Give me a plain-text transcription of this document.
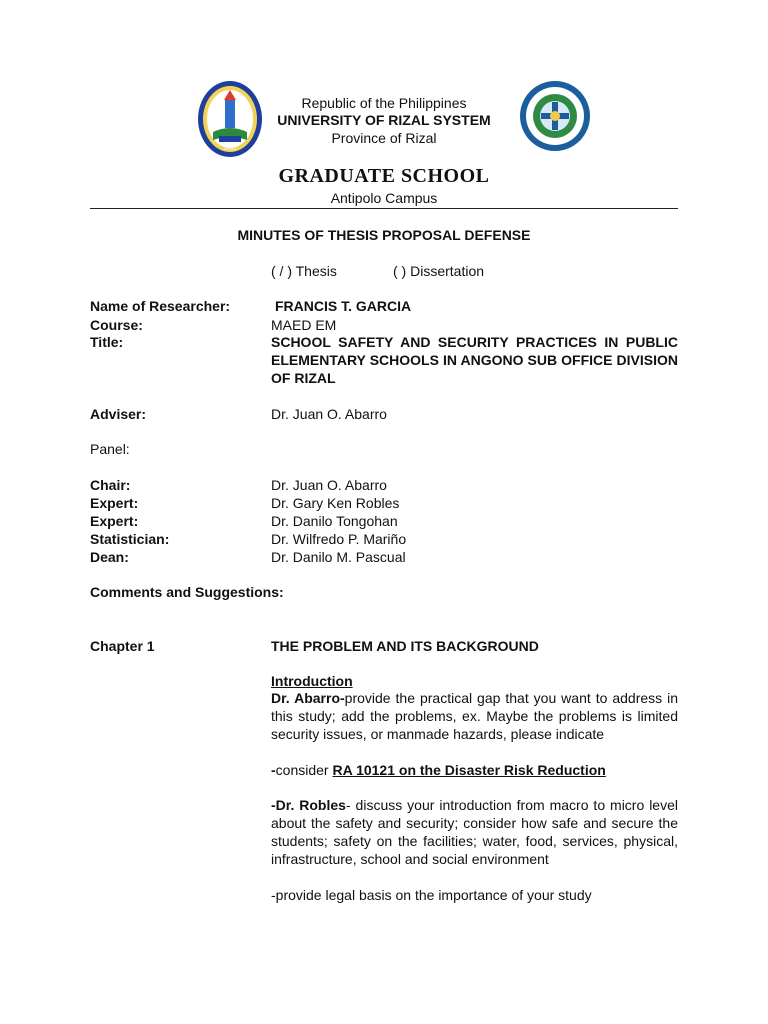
2001
Republic of the Philippines
UNIVERSITY OF RIZAL SYSTEM
Province of Rizal
GRADUATE SCHOOL
Antipolo Campus
MINUTES OF THESIS PROPOSAL DEFENSE
( / ) Thesis	( ) Dissertation
Name of Researcher:	FRANCIS T. GARCIA
Course:	MAED EM
Title:	SCHOOL SAFETY AND SECURITY PRACTICES IN PUBLIC ELEMENTARY SCHOOLS IN ANGONO SUB OFFICE DIVISION OF RIZAL
Adviser:	Dr. Juan O. Abarro
Panel:
Chair:	Dr. Juan O. Abarro
Expert:	Dr. Gary Ken Robles
Expert:	Dr. Danilo Tongohan
Statistician:	Dr. Wilfredo P. Mariño
Dean:	Dr. Danilo M. Pascual
Comments and Suggestions:
Chapter 1	THE PROBLEM AND ITS BACKGROUND
Introduction
Dr. Abarro-provide the practical gap that you want to address in this study; add the problems, ex. Maybe the problems is limited security issues, or manmade hazards, please indicate
-consider RA 10121 on the Disaster Risk Reduction
-Dr. Robles- discuss your introduction from macro to micro level about the safety and security; consider how safe and secure the students; safety on the facilities; water, food, services, physical, infrastructure, school and social environment
-provide legal basis on the importance of your study
